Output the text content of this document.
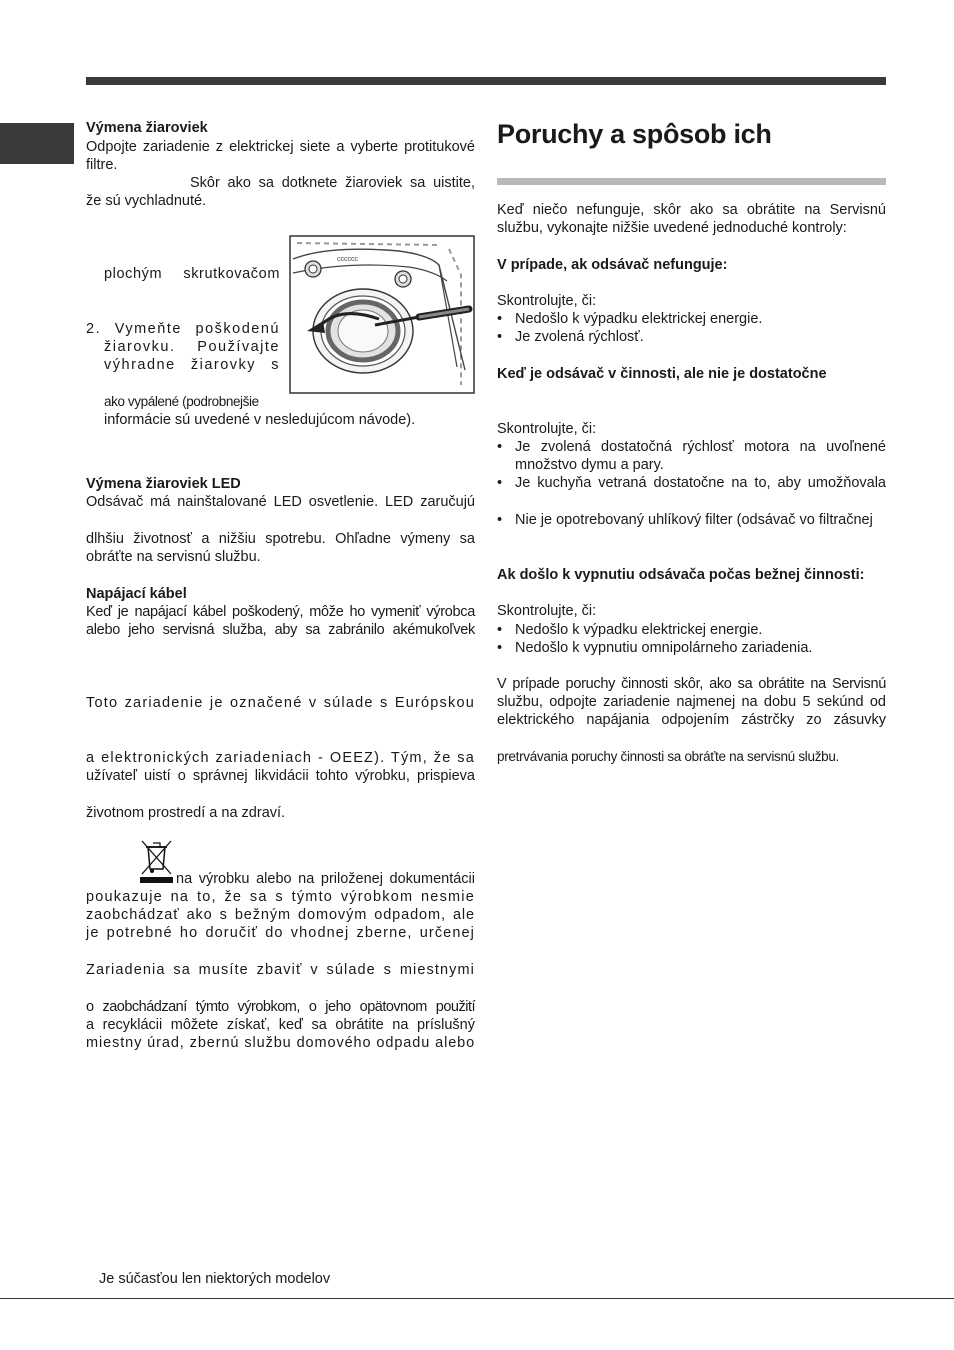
Výmena žiaroviek
Odpojte zariadenie z elektrickej siete a vyberte protitukové
filtre.
Skôr ako sa dotknete žiaroviek sa uistite,
že sú vychladnuté.
plochým skrutkovačom
2. Vymeňte poškodenú
žiarovku. Používajte
výhradne žiarovky s
ako vypálené (podrobnejšie
informácie sú uvedené v nesledujúcom návode).
cccccc
Výmena žiaroviek LED
Odsávač má nainštalované LED osvetlenie. LED zaručujú
dlhšiu životnosť a nižšiu spotrebu. Ohľadne výmeny sa
obráťte na servisnú službu.
Napájací kábel
Keď je napájací kábel poškodený, môže ho vymeniť výrobca
alebo jeho servisná služba, aby sa zabránilo akémukoľvek
Toto zariadenie je označené v súlade s Európskou
a elektronických zariadeniach - OEEZ). Tým, že sa
užívateľ uistí o správnej likvidácii tohto výrobku, prispieva
životnom prostredí a na zdraví.
na výrobku alebo na priloženej dokumentácii
poukazuje na to, že sa s týmto výrobkom nesmie
zaobchádzať ako s bežným domovým odpadom, ale
je potrebné ho doručiť do vhodnej zberne, určenej
Zariadenia sa musíte zbaviť v súlade s miestnymi
o zaobchádzaní týmto výrobkom, o jeho opätovnom použití
a recyklácii môžete získať, keď sa obrátite na príslušný
miestny úrad, zbernú službu domového odpadu alebo
Je súčasťou len niektorých modelov
Poruchy a spôsob ich
Keď niečo nefunguje, skôr ako sa obrátite na Servisnú
službu, vykonajte nižšie uvedené jednoduché kontroly:
V prípade, ak odsávač nefunguje:
Skontrolujte, či:
• Nedošlo k výpadku elektrickej energie.
• Je zvolená rýchlosť.
Keď je odsávač v činnosti, ale nie je dostatočne
Skontrolujte, či:
• Je zvolená dostatočná rýchlosť motora na uvoľnené
množstvo dymu a pary.
• Je kuchyňa vetraná dostatočne na to, aby umožňovala
• Nie je opotrebovaný uhlíkový filter (odsávač vo filtračnej
Ak došlo k vypnutiu odsávača počas bežnej činnosti:
Skontrolujte, či:
• Nedošlo k výpadku elektrickej energie.
• Nedošlo k vypnutiu omnipolárneho zariadenia.
V prípade poruchy činnosti skôr, ako sa obrátite na Servisnú
službu, odpojte zariadenie najmenej na dobu 5 sekúnd od
elektrického napájania odpojením zástrčky zo zásuvky
pretrvávania poruchy činnosti sa obráťte na servisnú službu.
